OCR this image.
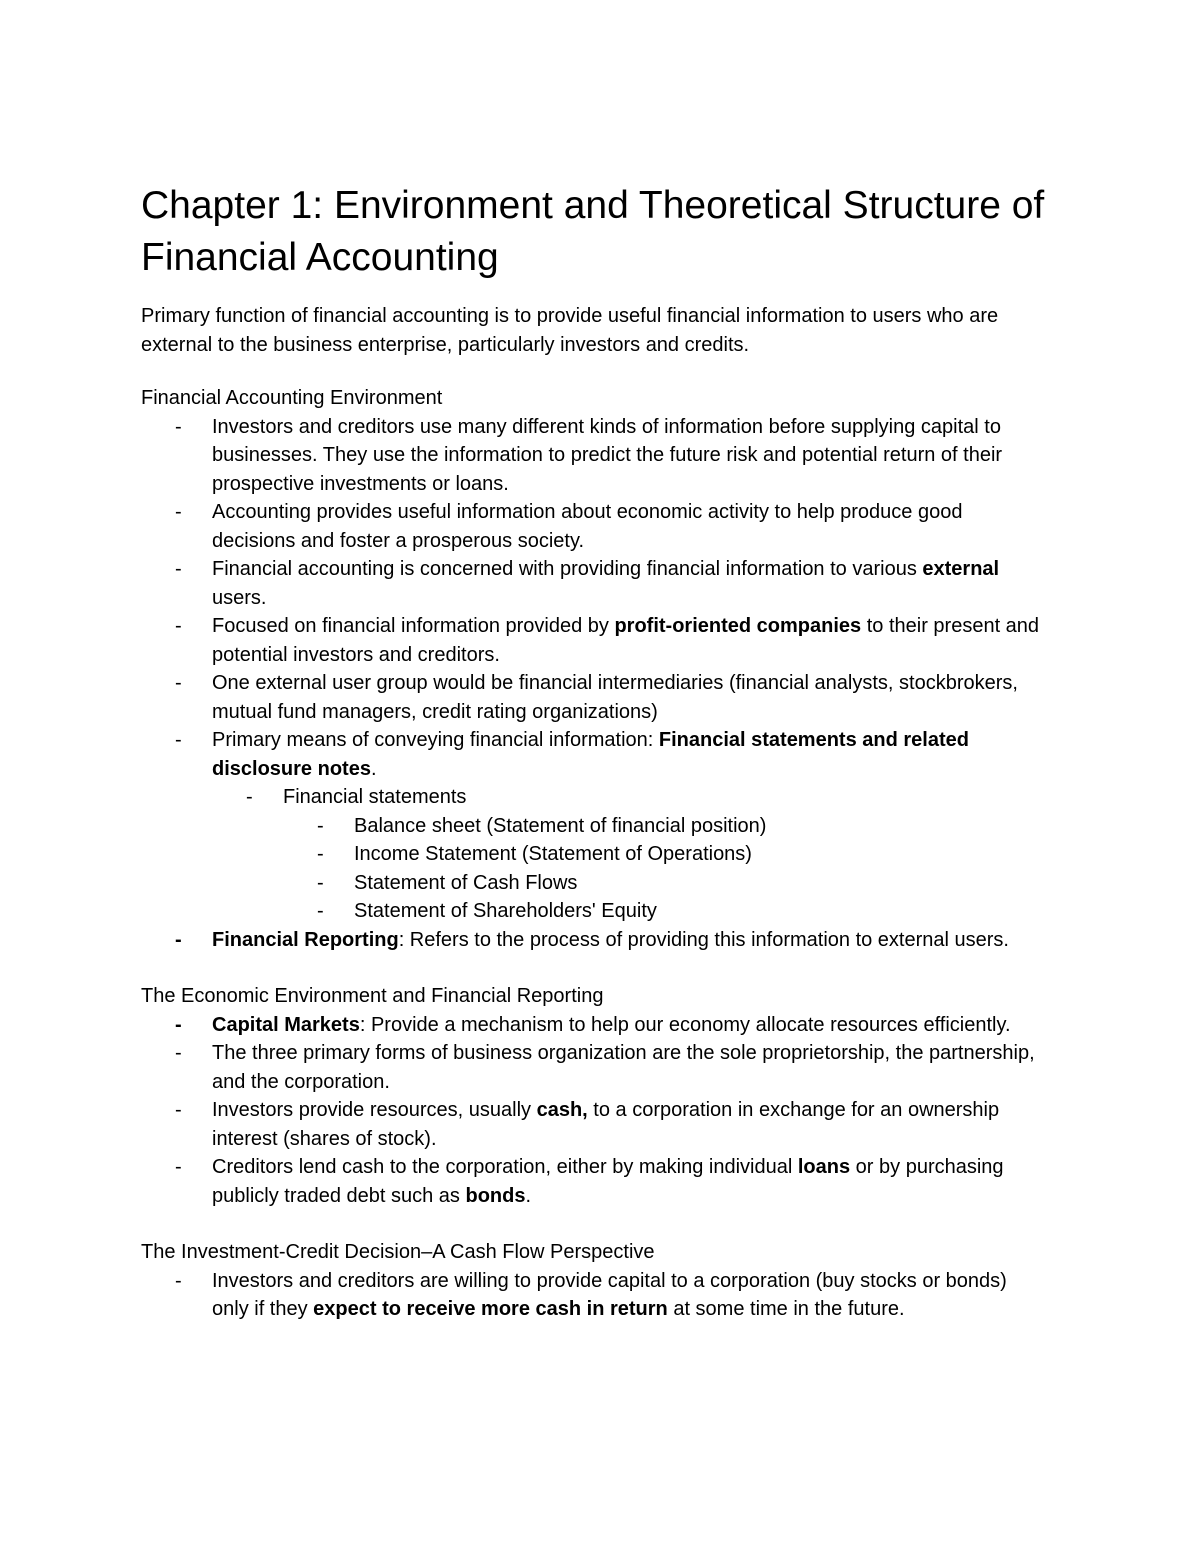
Chapter 1: Environment and Theoretical Structure of Financial Accounting

Primary function of financial accounting is to provide useful financial information to users who are external to the business enterprise, particularly investors and credits.

Financial Accounting Environment
- Investors and creditors use many different kinds of information before supplying capital to businesses. They use the information to predict the future risk and potential return of their prospective investments or loans.
- Accounting provides useful information about economic activity to help produce good decisions and foster a prosperous society.
- Financial accounting is concerned with providing financial information to various external users.
- Focused on financial information provided by profit-oriented companies to their present and potential investors and creditors.
- One external user group would be financial intermediaries (financial analysts, stockbrokers, mutual fund managers, credit rating organizations)
- Primary means of conveying financial information: Financial statements and related disclosure notes.
- Financial statements
- Balance sheet (Statement of financial position)
- Income Statement (Statement of Operations)
- Statement of Cash Flows
- Statement of Shareholders' Equity
- Financial Reporting: Refers to the process of providing this information to external users.
The Economic Environment and Financial Reporting
- Capital Markets: Provide a mechanism to help our economy allocate resources efficiently.
- The three primary forms of business organization are the sole proprietorship, the partnership, and the corporation.
- Investors provide resources, usually cash, to a corporation in exchange for an ownership interest (shares of stock).
- Creditors lend cash to the corporation, either by making individual loans or by purchasing publicly traded debt such as bonds.
The Investment-Credit Decision–A Cash Flow Perspective
- Investors and creditors are willing to provide capital to a corporation (buy stocks or bonds) only if they expect to receive more cash in return at some time in the future.
